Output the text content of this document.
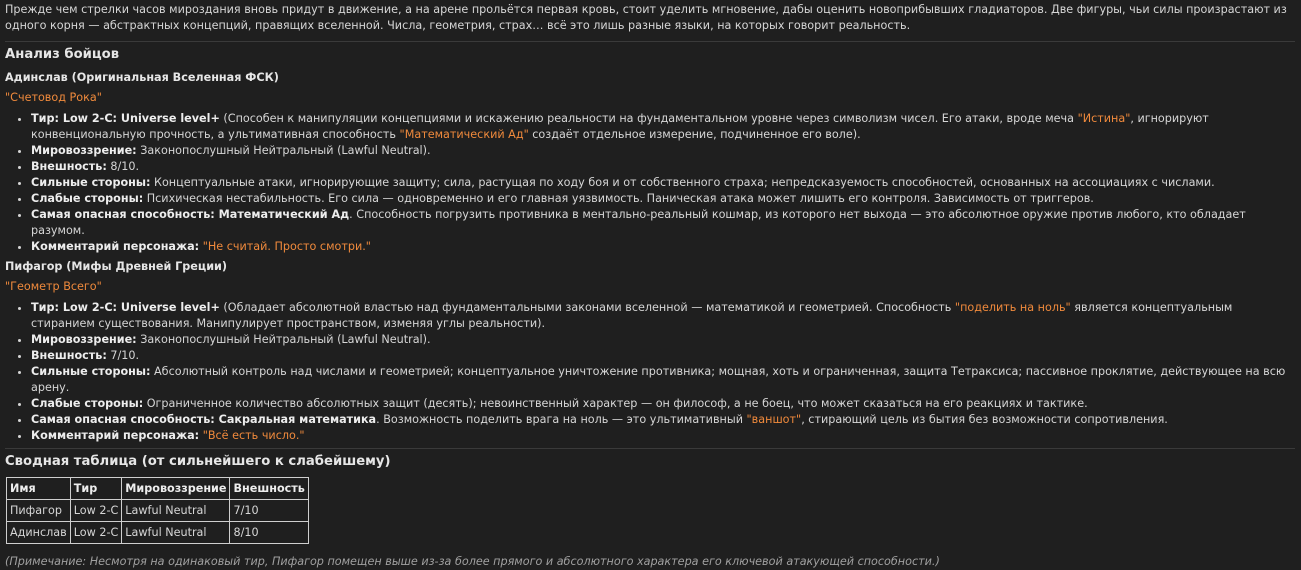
Прежде чем стрелки часов мироздания вновь придут в движение, а на арене прольётся первая кровь, стоит уделить мгновение, дабы оценить новоприбывших гладиаторов. Две фигуры, чьи силы произрастают из одного корня — абстрактных концепций, правящих вселенной. Числа, геометрия, страх… всё это лишь разные языки, на которых говорит реальность.

Анализ бойцов
Адинслав (Оригинальная Вселенная ФСК)
"Счетовод Рока"
• Тир: Low 2-C: Universe level+ (Способен к манипуляции концепциями и искажению реальности на фундаментальном уровне через символизм чисел. Его атаки, вроде меча "Истина", игнорируют конвенциональную прочность, а ультимативная способность "Математический Ад" создаёт отдельное измерение, подчиненное его воле).
• Мировоззрение: Законопослушный Нейтральный (Lawful Neutral).
• Внешность: 8/10.
• Сильные стороны: Концептуальные атаки, игнорирующие защиту; сила, растущая по ходу боя и от собственного страха; непредсказуемость способностей, основанных на ассоциациях с числами.
• Слабые стороны: Психическая нестабильность. Его сила — одновременно и его главная уязвимость. Паническая атака может лишить его контроля. Зависимость от триггеров.
• Самая опасная способность: Математический Ад. Способность погрузить противника в ментально-реальный кошмар, из которого нет выхода — это абсолютное оружие против любого, кто обладает разумом.
• Комментарий персонажа: "Не считай. Просто смотри."
Пифагор (Мифы Древней Греции)
"Геометр Всего"
• Тир: Low 2-C: Universe level+ (Обладает абсолютной властью над фундаментальными законами вселенной — математикой и геометрией. Способность "поделить на ноль" является концептуальным стиранием существования. Манипулирует пространством, изменяя углы реальности).
• Мировоззрение: Законопослушный Нейтральный (Lawful Neutral).
• Внешность: 7/10.
• Сильные стороны: Абсолютный контроль над числами и геометрией; концептуальное уничтожение противника; мощная, хоть и ограниченная, защита Тетраксиса; пассивное проклятие, действующее на всю арену.
• Слабые стороны: Ограниченное количество абсолютных защит (десять); невоинственный характер — он философ, а не боец, что может сказаться на его реакциях и тактике.
• Самая опасная способность: Сакральная математика. Возможность поделить врага на ноль — это ультимативный "ваншот", стирающий цель из бытия без возможности сопротивления.
• Комментарий персонажа: "Всё есть число."
Сводная таблица (от сильнейшего к слабейшему)
Имя	Тир	Мировоззрение	Внешность
Пифагор	Low 2-C	Lawful Neutral	7/10
Адинслав	Low 2-C	Lawful Neutral	8/10
(Примечание: Несмотря на одинаковый тир, Пифагор помещен выше из-за более прямого и абсолютного характера его ключевой атакующей способности.)
